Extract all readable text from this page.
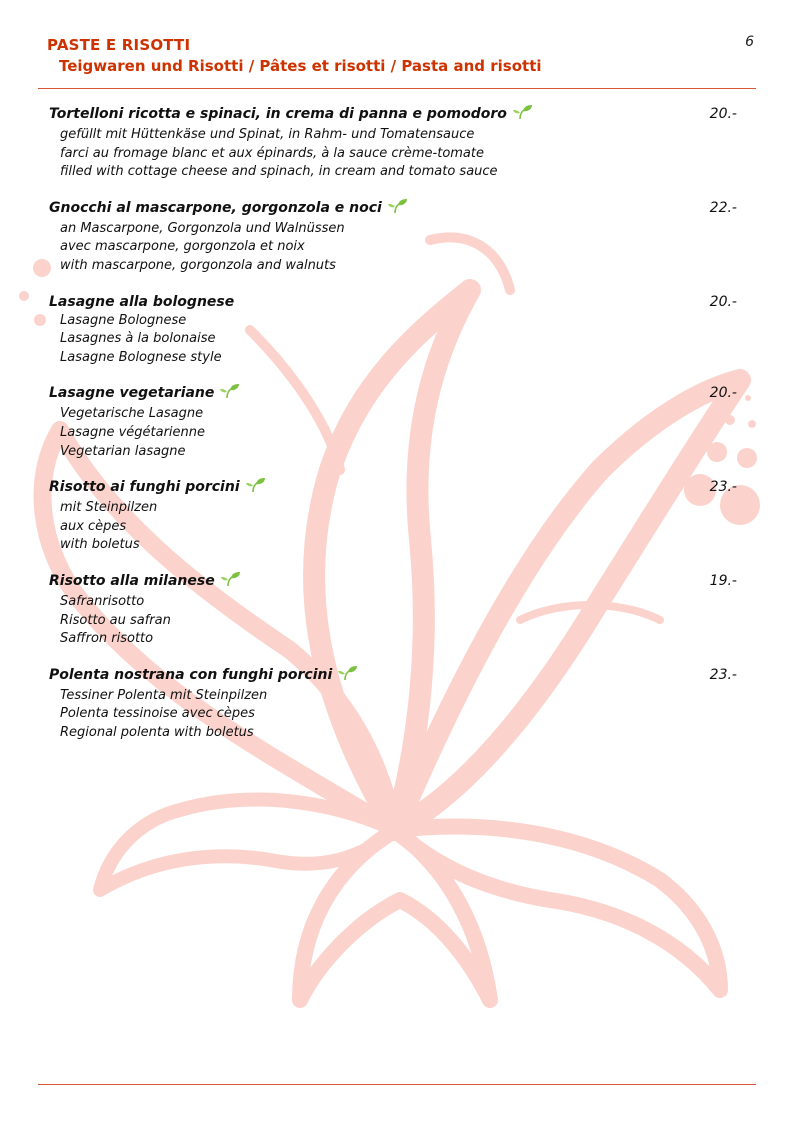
6
PASTE E RISOTTI
Teigwaren und Risotti / Pâtes et risotti / Pasta and risotti
Tortelloni ricotta e spinaci, in crema di panna e pomodoro	20.-
gefüllt mit Hüttenkäse und Spinat, in Rahm- und Tomatensauce
farci au fromage blanc et aux épinards, à la sauce crème-tomate
filled with cottage cheese and spinach, in cream and tomato sauce
Gnocchi al mascarpone, gorgonzola e noci	22.-
an Mascarpone, Gorgonzola und Walnüssen
avec mascarpone, gorgonzola et noix
with mascarpone, gorgonzola and walnuts
Lasagne alla bolognese	20.-
Lasagne Bolognese
Lasagnes à la bolonaise
Lasagne Bolognese style
Lasagne vegetariane	20.-
Vegetarische Lasagne
Lasagne végétarienne
Vegetarian lasagne
Risotto ai funghi porcini	23.-
mit Steinpilzen
aux cèpes
with boletus
Risotto alla milanese	19.-
Safranrisotto
Risotto au safran
Saffron risotto
Polenta nostrana con funghi porcini	23.-
Tessiner Polenta mit Steinpilzen
Polenta tessinoise avec cèpes
Regional polenta with boletus
